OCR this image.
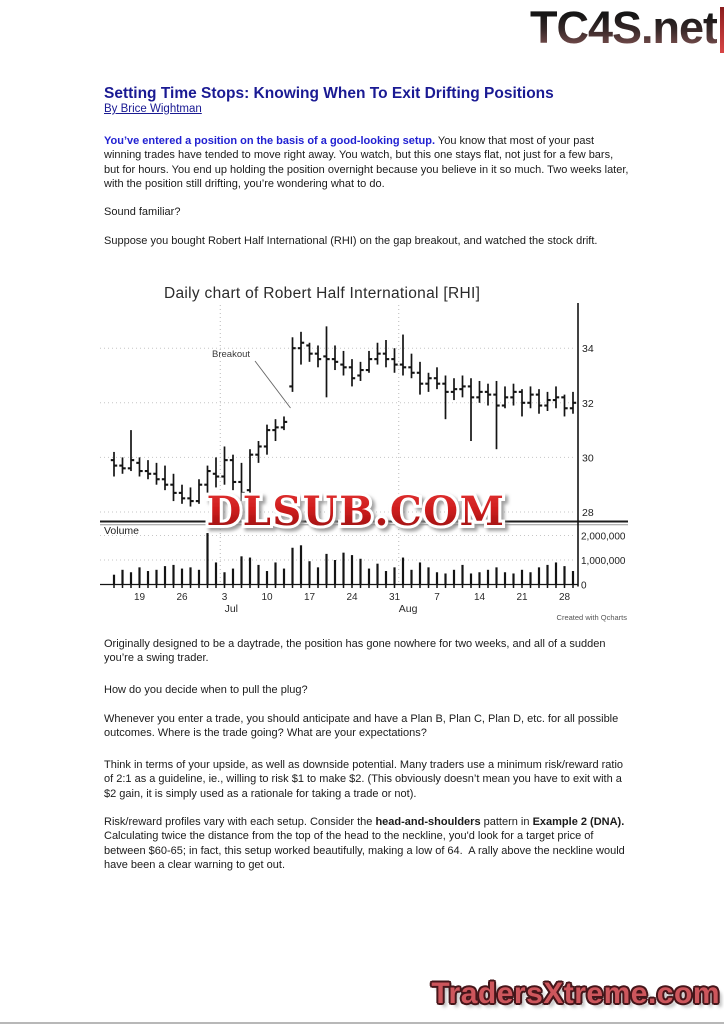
TC4S.net
Setting Time Stops: Knowing When To Exit Drifting Positions
By Brice Wightman
You’ve entered a position on the basis of a good-looking setup. You know that most of your past winning trades have tended to move right away. You watch, but this one stays flat, not just for a few bars, but for hours. You end up holding the position overnight because you believe in it so much. Two weeks later, with the position still drifting, you’re wondering what to do.
Sound familiar?
Suppose you bought Robert Half International (RHI) on the gap breakout, and watched the stock drift.
Daily chart of Robert Half International [RHI]
Breakout	34
32
30
28
2,000,000
1,000,000
0
Volume
19	26	3	10	17	24	31	7	14	21	28
Jul	Aug
Created with Qcharts
DLSUB.COM
Originally designed to be a daytrade, the position has gone nowhere for two weeks, and all of a sudden you’re a swing trader.
How do you decide when to pull the plug?
Whenever you enter a trade, you should anticipate and have a Plan B, Plan C, Plan D, etc. for all possible outcomes. Where is the trade going? What are your expectations?
Think in terms of your upside, as well as downside potential. Many traders use a minimum risk/reward ratio of 2:1 as a guideline, ie., willing to risk $1 to make $2. (This obviously doesn’t mean you have to exit with a $2 gain, it is simply used as a rationale for taking a trade or not).
Risk/reward profiles vary with each setup. Consider the head-and-shoulders pattern in Example 2 (DNA). Calculating twice the distance from the top of the head to the neckline, you'd look for a target price of between $60-65; in fact, this setup worked beautifully, making a low of 64.  A rally above the neckline would have been a clear warning to get out.
TradersXtreme.com
